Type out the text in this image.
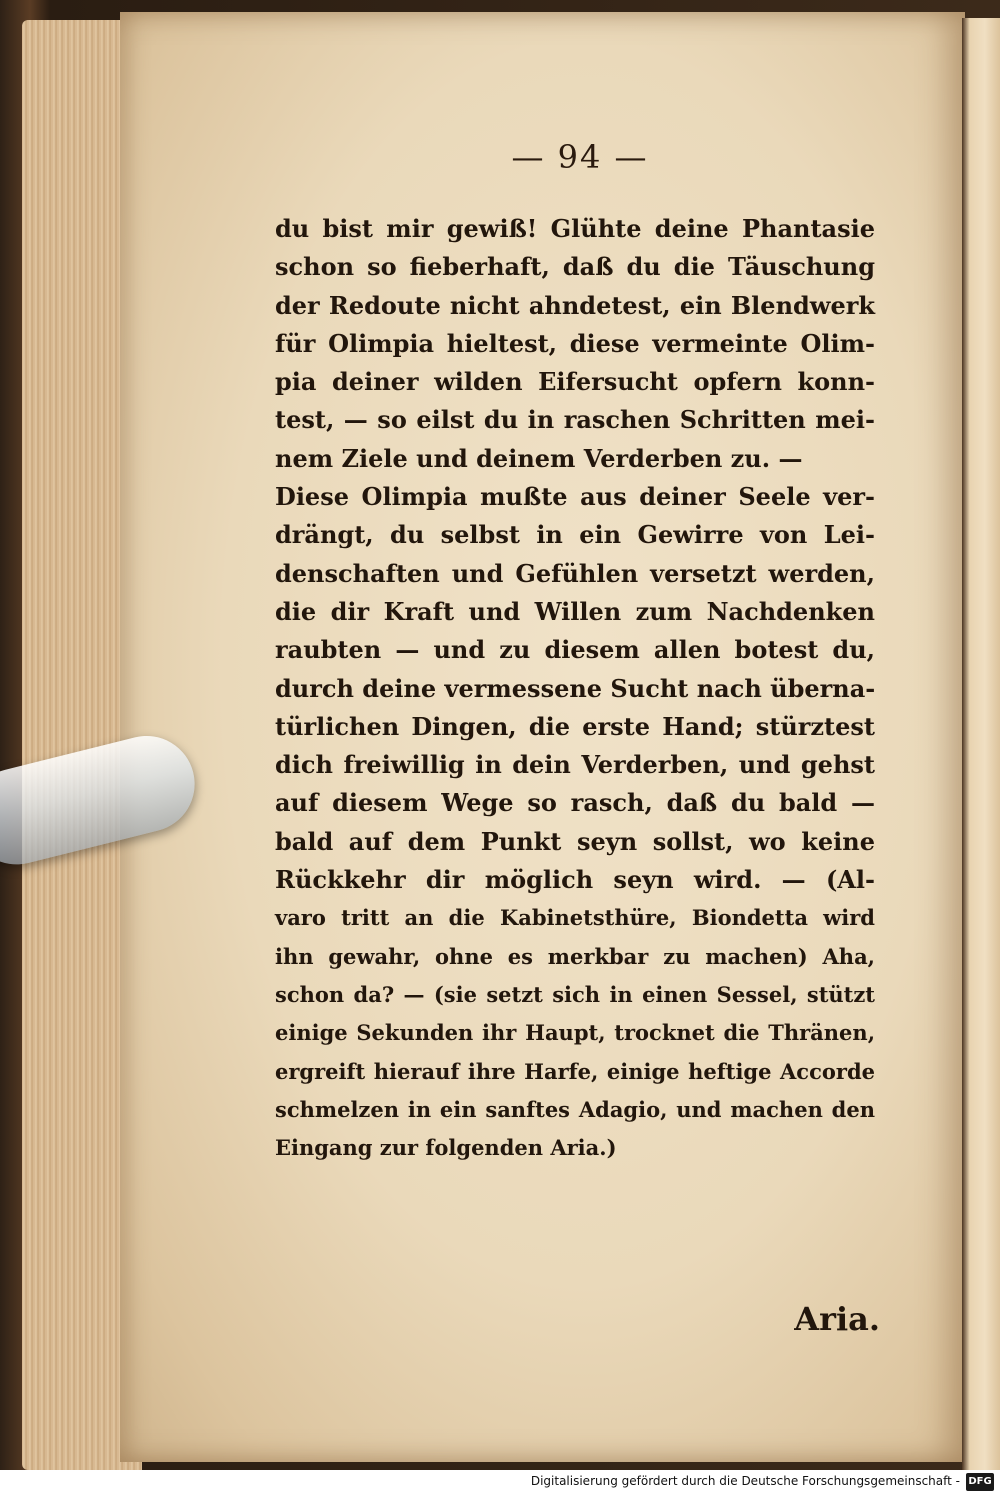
— 94 —
du bist mir gewiß! Glühte deine Phantasie
schon so fieberhaft, daß du die Täuschung
der Redoute nicht ahndetest, ein Blendwerk
für Olimpia hieltest, diese vermeinte Olim-
pia deiner wilden Eifersucht opfern konn-
test, — so eilst du in raschen Schritten mei-
nem Ziele und deinem Verderben zu. —
Diese Olimpia mußte aus deiner Seele ver-
drängt, du selbst in ein Gewirre von Lei-
denschaften und Gefühlen versetzt werden,
die dir Kraft und Willen zum Nachdenken
raubten — und zu diesem allen botest du,
durch deine vermessene Sucht nach überna-
türlichen Dingen, die erste Hand; stürztest
dich freiwillig in dein Verderben, und gehst
auf diesem Wege so rasch, daß du bald —
bald auf dem Punkt seyn sollst, wo keine
Rückkehr dir möglich seyn wird. — (Al-
varo tritt an die Kabinetsthüre, Biondetta wird
ihn gewahr, ohne es merkbar zu machen) Aha,
schon da? — (sie setzt sich in einen Sessel, stützt
einige Sekunden ihr Haupt, trocknet die Thränen,
ergreift hierauf ihre Harfe, einige heftige Accorde
schmelzen in ein sanftes Adagio, und machen den
Eingang zur folgenden Aria.)
Aria.
Digitalisierung gefördert durch die Deutsche Forschungsgemeinschaft - DFG
